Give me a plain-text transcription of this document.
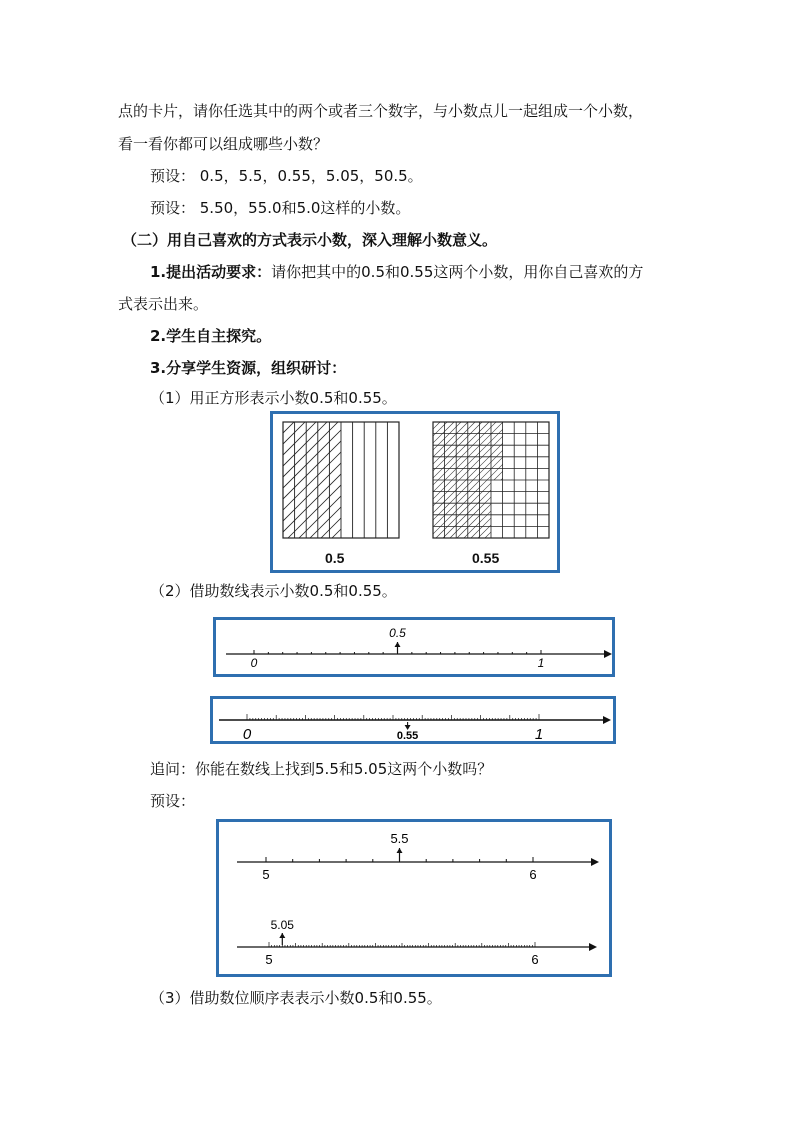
点的卡片，请你任选其中的两个或者三个数字，与小数点儿一起组成一个小数，
看一看你都可以组成哪些小数？
预设： 0.5，5.5，0.55，5.05，50.5。
预设： 5.50，55.0和5.0这样的小数。
（二）用自己喜欢的方式表示小数，深入理解小数意义。
1.提出活动要求：请你把其中的0.5和0.55这两个小数，用你自己喜欢的方
式表示出来。
2.学生自主探究。
3.分享学生资源，组织研讨：
（1）用正方形表示小数0.5和0.55。
0.5	0.55
（2）借助数线表示小数0.5和0.55。
0.5
0	1
0.55
0	1
追问：你能在数线上找到5.5和5.05这两个小数吗？
预设：
5.5
5	6
5.05
5	6
（3）借助数位顺序表表示小数0.5和0.55。
